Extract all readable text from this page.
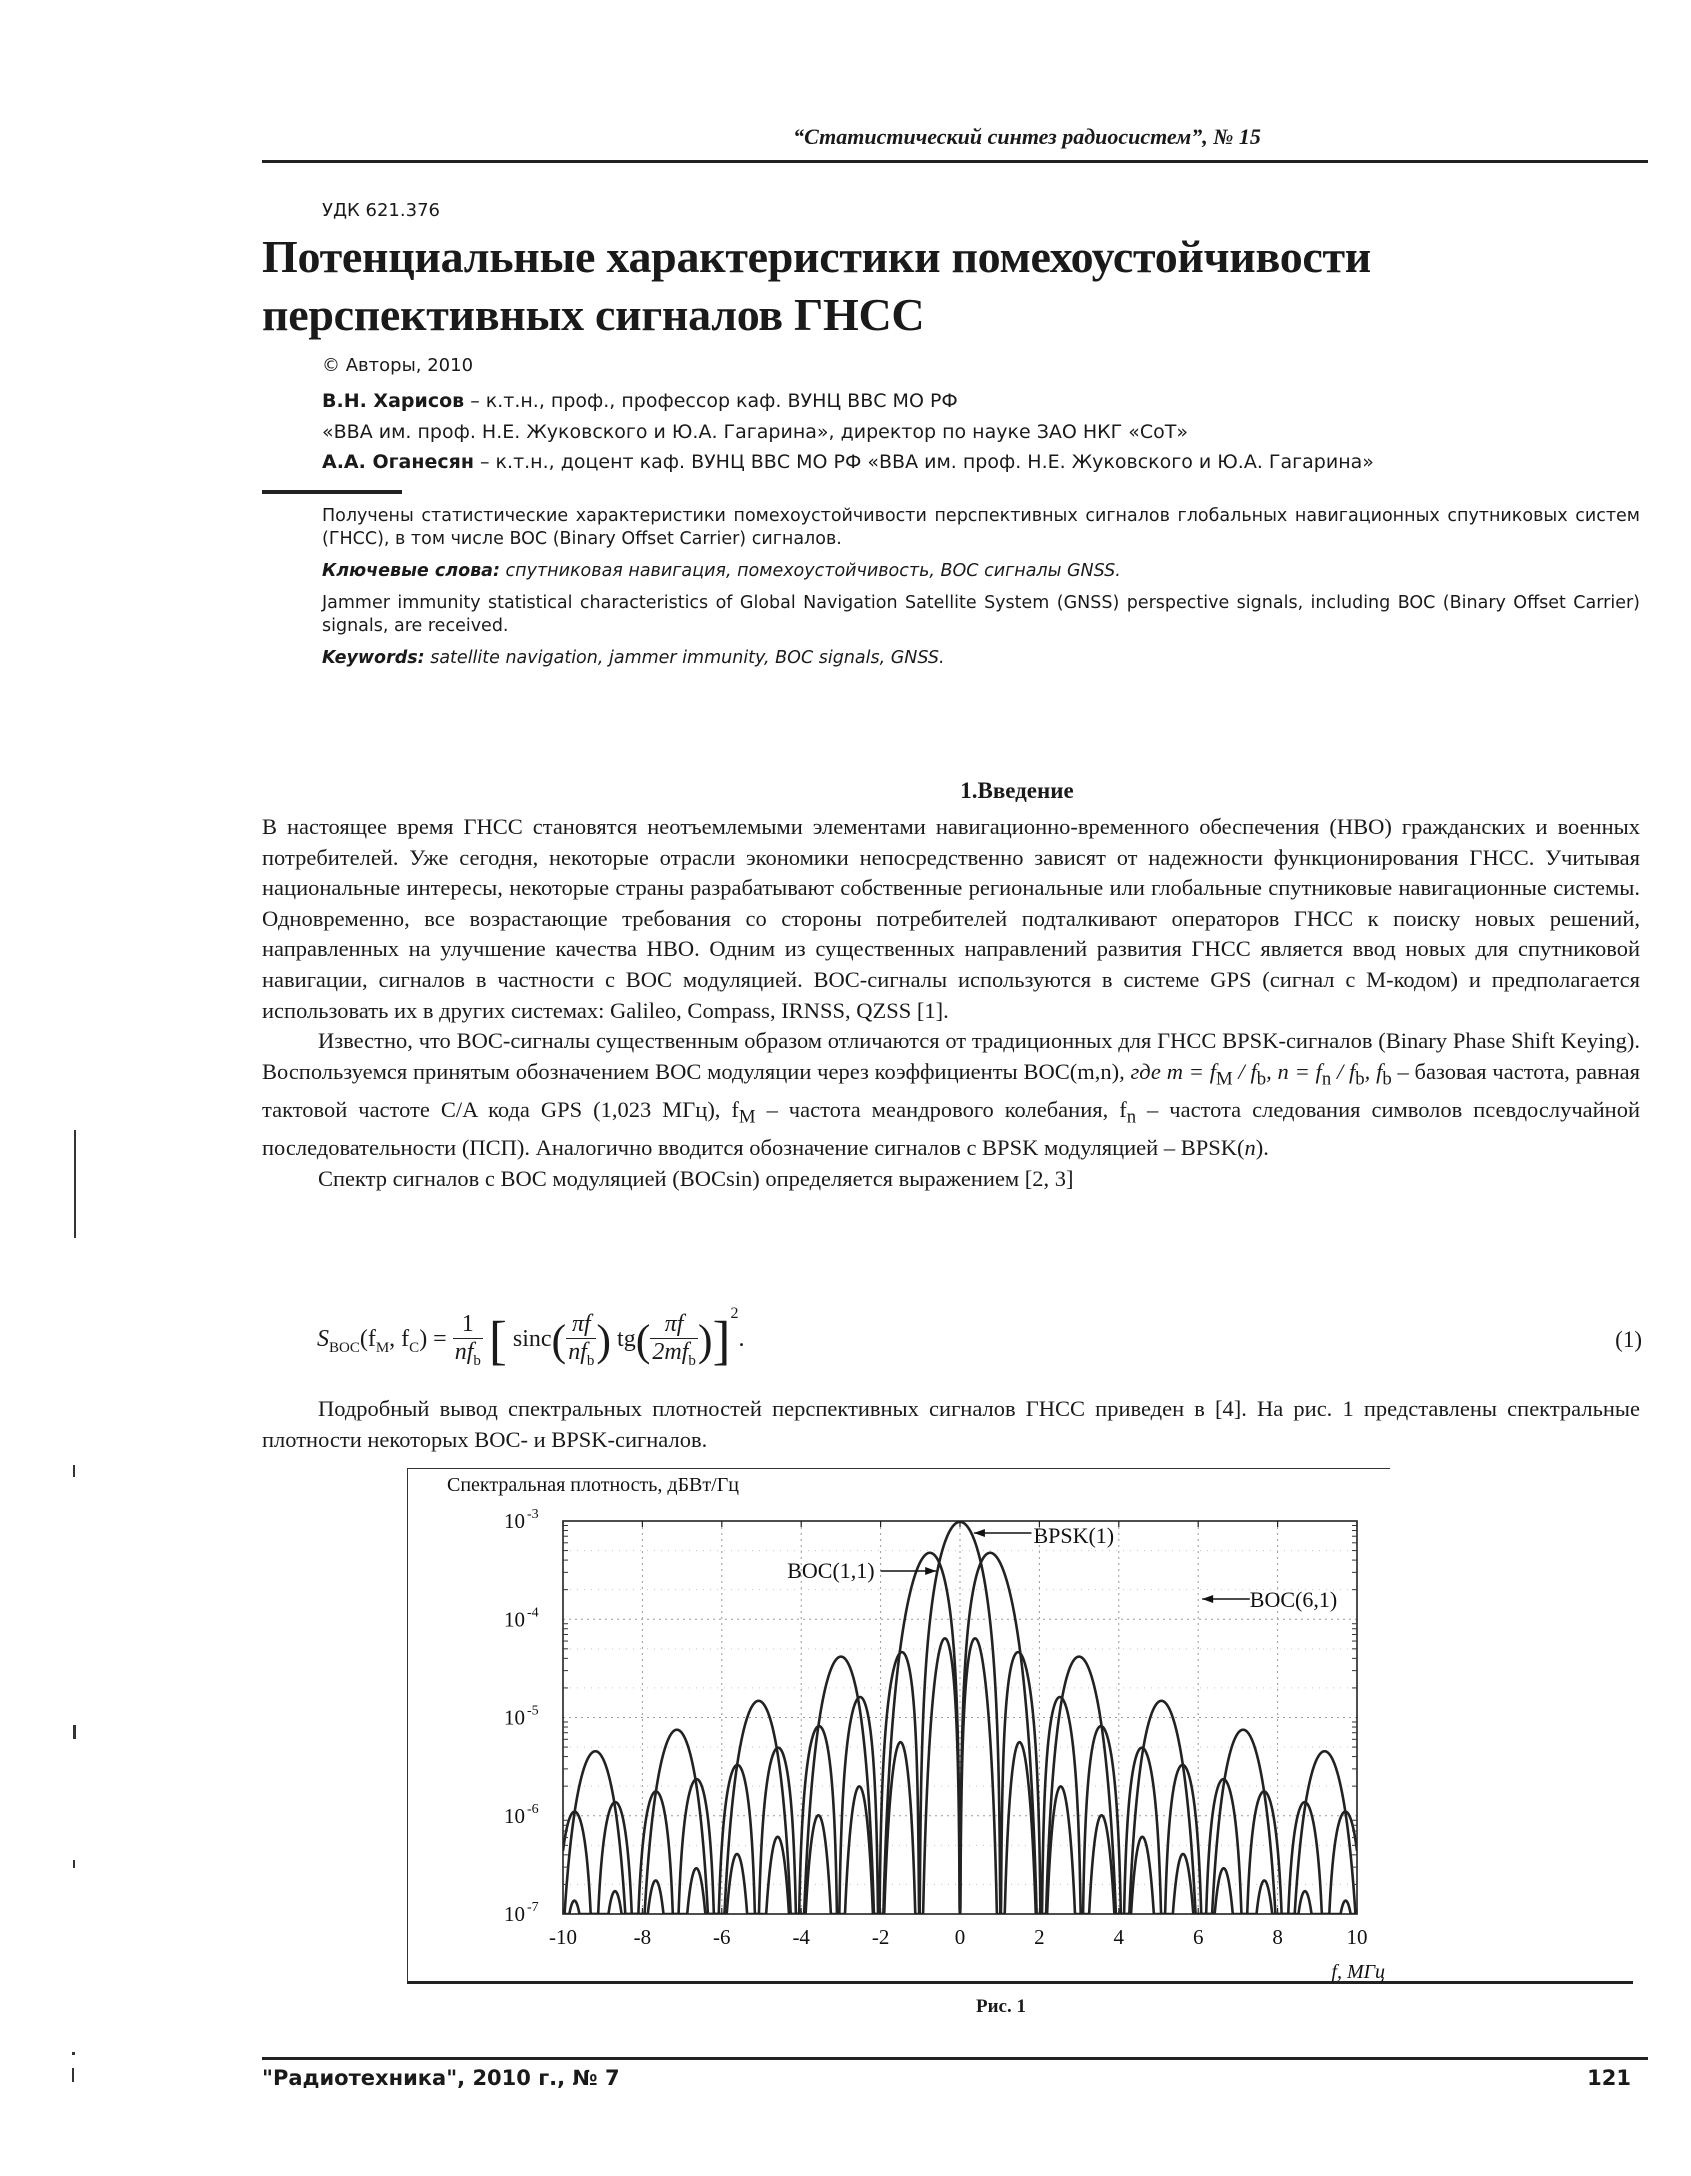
“Статистический синтез радиосистем”, № 15
УДК 621.376
Потенциальные характеристики помехоустойчивости перспективных сигналов ГНСС
© Авторы, 2010
В.Н. Харисов – к.т.н., проф., профессор каф. ВУНЦ ВВС МО РФ
«ВВА им. проф. Н.Е. Жуковского и Ю.А. Гагарина», директор по науке ЗАО НКГ «СоТ»
А.А. Оганесян – к.т.н., доцент каф. ВУНЦ ВВС МО РФ «ВВА им. проф. Н.Е. Жуковского и Ю.А. Гагарина»

Получены статистические характеристики помехоустойчивости перспективных сигналов глобальных навигационных спутниковых систем (ГНСС), в том числе BOC (Binary Offset Carrier) сигналов.

Ключевые слова: спутниковая навигация, помехоустойчивость, BOC сигналы GNSS.

Jammer immunity statistical characteristics of Global Navigation Satellite System (GNSS) perspective signals, including BOC (Binary Offset Carrier) signals, are received.

Keywords: satellite navigation, jammer immunity, BOC signals, GNSS.

1.Введение

В настоящее время ГНСС становятся неотъемлемыми элементами навигационно-временного обеспечения (НВО) гражданских и военных потребителей. Уже сегодня, некоторые отрасли экономики непосредственно зависят от надежности функционирования ГНСС. Учитывая национальные интересы, некоторые страны разрабатывают собственные региональные или глобальные спутниковые навигационные системы. Одновременно, все возрастающие требования со стороны потребителей подталкивают операторов ГНСС к поиску новых решений, направленных на улучшение качества НВО. Одним из существенных направлений развития ГНСС является ввод новых для спутниковой навигации, сигналов в частности с BOC модуляцией. BOC-сигналы используются в системе GPS (сигнал с М-кодом) и предполагается использовать их в других системах: Galileo, Compass, IRNSS, QZSS [1].

Известно, что BOC-сигналы существенным образом отличаются от традиционных для ГНСС BPSK-сигналов (Binary Phase Shift Keying). Воспользуемся принятым обозначением BOC модуляции через коэффициенты BOC(m,n), где $m = f_M / f_b$, $n = f_n / f_b$, $f_b$ – базовая частота, равная тактовой частоте C/A кода GPS (1,023 МГц), $f_M$ – частота меандрового колебания, $f_n$ – частота следования символов псевдослучайной последовательности (ПСП). Аналогично вводится обозначение сигналов с BPSK модуляцией – BPSK(n).

Спектр сигналов с BOC модуляцией (BOCsin) определяется выражением [2, 3]

$S_{BOC}(f_M$, $f_C) = \frac{1}{nf_b}$ [ $\sin c( \frac{\pi f}{nf_b}$ ) $tg( \frac{\pi f}{2mf_b} )]^2$.	(1)

Подробный вывод спектральных плотностей перспективных сигналов ГНСС приведен в [4]. На рис. 1 представлены спектральные плотности некоторых BOC- и BPSK-сигналов.

-10	-8	-6	-4	-2	0	2	4	6	8	10
10 -3
10 -4
10 -5
10 -6
10 -7
Спектральная плотность, дБВт/Гц
f, МГц
BPSK(1)
BOC(1,1)
BOC(6,1)
Рис. 1
"Радиотехника", 2010 г., № 7	121
